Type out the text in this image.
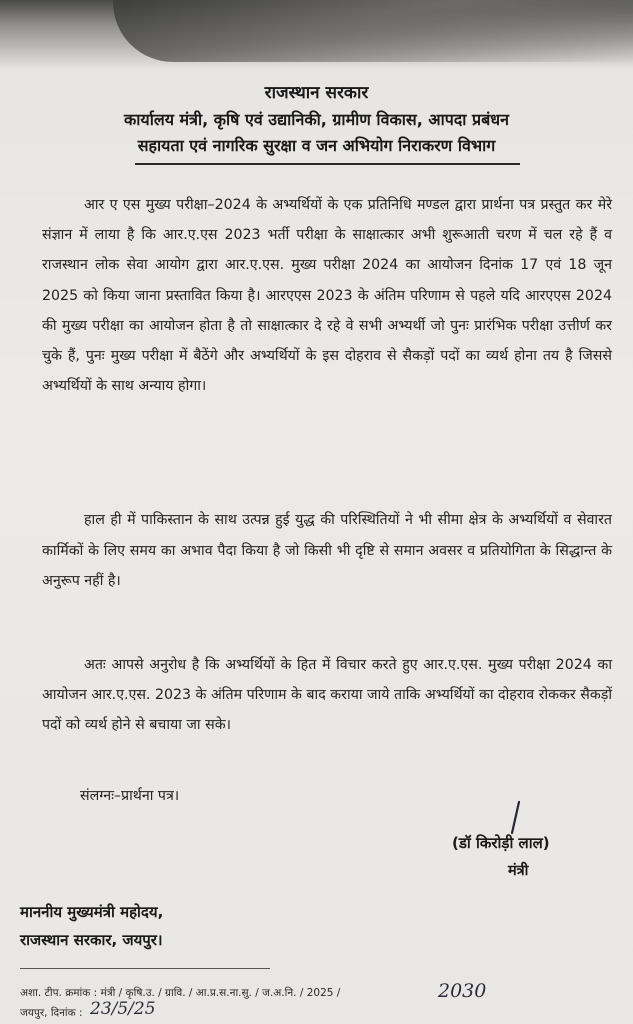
राजस्थान सरकार
कार्यालय मंत्री, कृषि एवं उद्यानिकी, ग्रामीण विकास, आपदा प्रबंधन
सहायता एवं नागरिक सुरक्षा व जन अभियोग निराकरण विभाग
आर ए एस मुख्य परीक्षा–2024 के अभ्यर्थियों के एक प्रतिनिधि मण्डल द्वारा प्रार्थना पत्र प्रस्तुत कर मेरे संज्ञान में लाया है कि आर.ए.एस 2023 भर्ती परीक्षा के साक्षात्कार अभी शुरूआती चरण में चल रहे हैं व राजस्थान लोक सेवा आयोग द्वारा आर.ए.एस. मुख्य परीक्षा 2024 का आयोजन दिनांक 17 एवं 18 जून 2025 को किया जाना प्रस्तावित किया है। आरएएस 2023 के अंतिम परिणाम से पहले यदि आरएएस 2024 की मुख्य परीक्षा का आयोजन होता है तो साक्षात्कार दे रहे वे सभी अभ्यर्थी जो पुनः प्रारंभिक परीक्षा उत्तीर्ण कर चुके हैं, पुनः मुख्य परीक्षा में बैठेंगे और अभ्यर्थियों के इस दोहराव से सैकड़ों पदों का व्यर्थ होना तय है जिससे अभ्यर्थियों के साथ अन्याय होगा।
हाल ही में पाकिस्तान के साथ उत्पन्न हुई युद्ध की परिस्थितियों ने भी सीमा क्षेत्र के अभ्यर्थियों व सेवारत कार्मिकों के लिए समय का अभाव पैदा किया है जो किसी भी दृष्टि से समान अवसर व प्रतियोगिता के सिद्धान्त के अनुरूप नहीं है।
अतः आपसे अनुरोध है कि अभ्यर्थियों के हित में विचार करते हुए आर.ए.एस. मुख्य परीक्षा 2024 का आयोजन आर.ए.एस. 2023 के अंतिम परिणाम के बाद कराया जाये ताकि अभ्यर्थियों का दोहराव रोककर सैकड़ों पदों को व्यर्थ होने से बचाया जा सके।
संलग्नः–प्रार्थना पत्र।
(डॉ किरोड़ी लाल)
मंत्री
माननीय मुख्यमंत्री महोदय,
राजस्थान सरकार, जयपुर।
अशा. टीप. क्रमांक : मंत्री / कृषि.उ. / ग्रावि. / आ.प्र.स.ना.सु. / ज.अ.नि. / 2025 /	2030
जयपुर, दिनांक : 23/5/25
